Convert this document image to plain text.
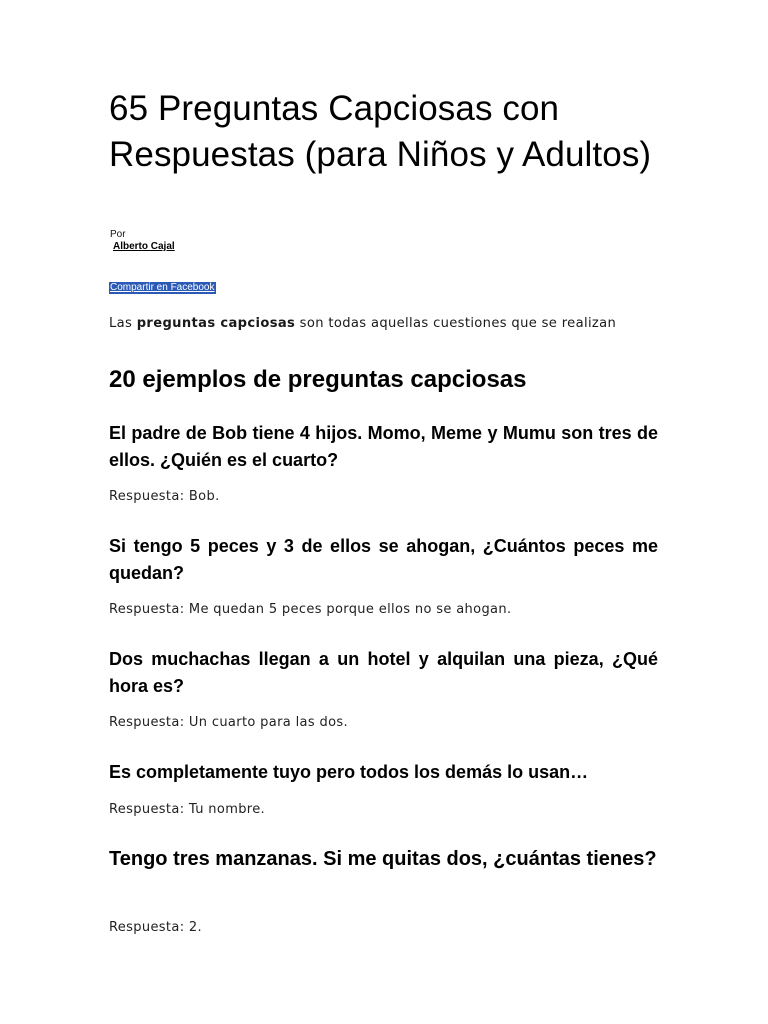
65 Preguntas Capciosas con Respuestas (para Niños y Adultos)
Por
Alberto Cajal
Compartir en Facebook

Las preguntas capciosas son todas aquellas cuestiones que se realizan

20 ejemplos de preguntas capciosas
El padre de Bob tiene 4 hijos. Momo, Meme y Mumu son tres de ellos. ¿Quién es el cuarto?

Respuesta: Bob.

Si tengo 5 peces y 3 de ellos se ahogan, ¿Cuántos peces me quedan?

Respuesta: Me quedan 5 peces porque ellos no se ahogan.

Dos muchachas llegan a un hotel y alquilan una pieza, ¿Qué hora es?

Respuesta: Un cuarto para las dos.

Es completamente tuyo pero todos los demás lo usan…

Respuesta: Tu nombre.

Tengo tres manzanas. Si me quitas dos, ¿cuántas tienes?

Respuesta: 2.
